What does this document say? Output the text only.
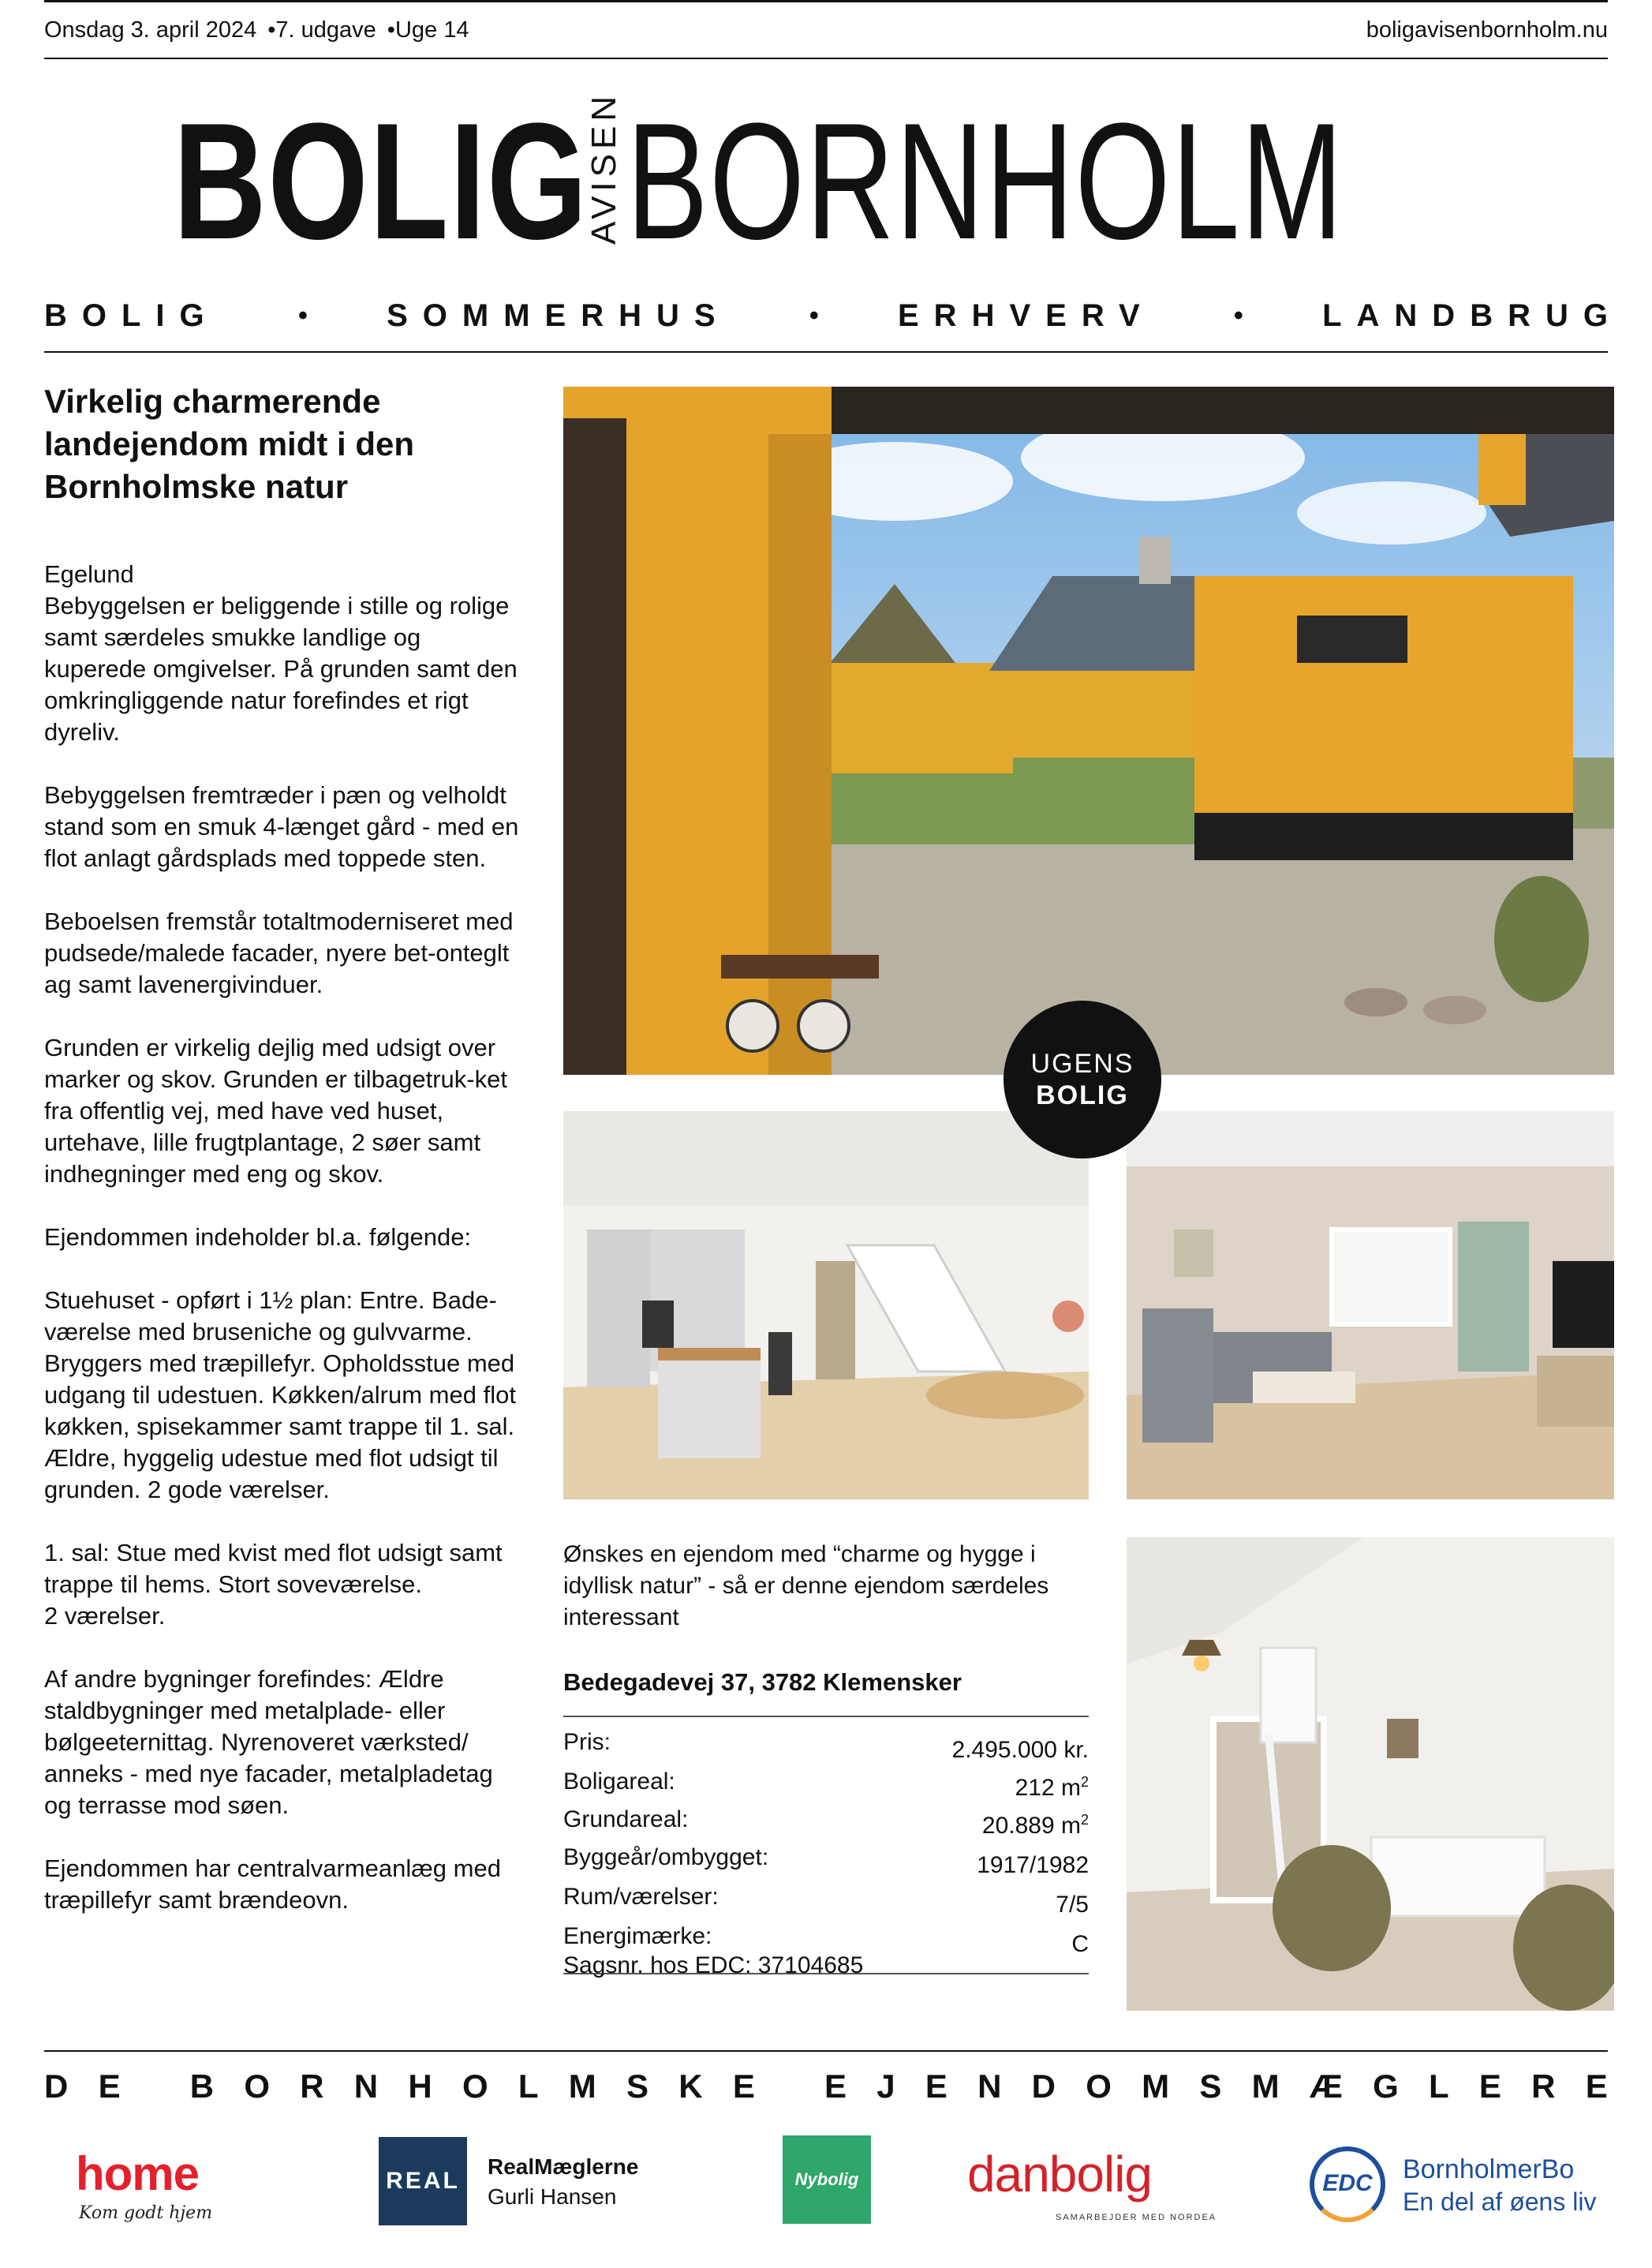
Onsdag 3. april 2024 •7. udgave •Uge 14	boligavisenbornholm.nu
BOLIG
AVISEN BORNHOLM
BOLIG	•	SOMMERHUS	•	ERHVERV	•	LANDBRUG
Virkelig charmerende landejendom midt i den Bornholmske natur

Egelund
Bebyggelsen er beliggende i stille og rolige samt særdeles smukke landlige og kuperede omgivelser. På grunden samt den omkringliggende natur forefindes et rigt dyreliv.

Bebyggelsen fremtræder i pæn og velholdt stand som en smuk 4-længet gård - med en flot anlagt gårdsplads med toppede sten.

Beboelsen fremstår totaltmoderniseret med pudsede/malede facader, nyere bet-onteglt ag samt lavenergivinduer.

Grunden er virkelig dejlig med udsigt over marker og skov. Grunden er tilbagetruk-ket fra offentlig vej, med have ved huset, urtehave, lille frugtplantage, 2 søer samt indhegninger med eng og skov.

Ejendommen indeholder bl.a. følgende:

Stuehuset - opført i 1½ plan: Entre. Bade-værelse med bruseniche og gulvvarme. Bryggers med træpillefyr. Opholdsstue med udgang til udestuen. Køkken/alrum med flot køkken, spisekammer samt trappe til 1. sal. Ældre, hyggelig udestue med flot udsigt til grunden. 2 gode værelser.

1. sal: Stue med kvist med flot udsigt samt trappe til hems. Stort soveværelse.
2 værelser.

Af andre bygninger forefindes: Ældre staldbygninger med metalplade- eller bølgeeternittag. Nyrenoveret værksted/ anneks - med nye facader, metalpladetag og terrasse mod søen.

Ejendommen har centralvarmeanlæg med træpillefyr samt brændeovn.

UGENS
BOLIG
Ønskes en ejendom med “charme og hygge i idyllisk natur” - så er denne ejendom særdeles interessant
Bedegadevej 37, 3782 Klemensker
Pris:	2.495.000 kr.
Boligareal:	212 $m^2$
Grundareal:	20.889 $m^2$
Byggeår/ombygget:	1917/1982
Rum/værelser:	7/5
Energimærke:	C
Sagsnr. hos EDC: 37104685
D E
B O R N H O L M S K E
E J E N D O M S M Æ G L E R E
home
Kom godt hjem
REAL
RealMæglerne
Gurli Hansen
Nybolig danbolig
SAMARBEJDER MED NORDEA
EDC	BornholmerBo
En del af øens liv
